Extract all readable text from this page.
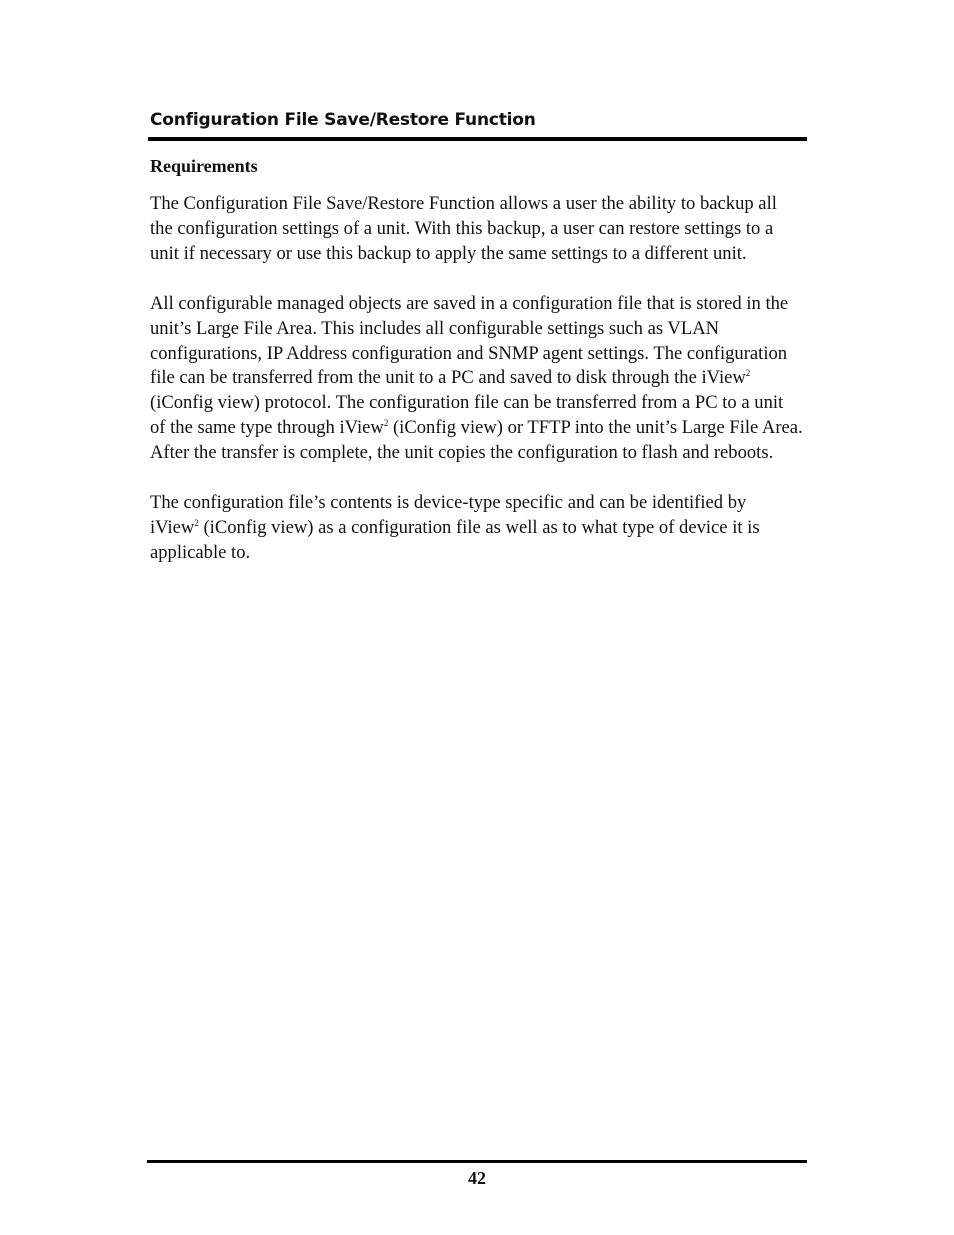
Configuration File Save/Restore Function
Requirements

The Configuration File Save/Restore Function allows a user the ability to backup all
the configuration settings of a unit. With this backup, a user can restore settings to a
unit if necessary or use this backup to apply the same settings to a different unit.

All configurable managed objects are saved in a configuration file that is stored in the
unit’s Large File Area. This includes all configurable settings such as VLAN
configurations, IP Address configuration and SNMP agent settings. The configuration
file can be transferred from the unit to a PC and saved to disk through the iView$^2$
(iConfig view) protocol. The configuration file can be transferred from a PC to a unit
of the same type through iView$^2$ (iConfig view) or TFTP into the unit’s Large File Area.
After the transfer is complete, the unit copies the configuration to flash and reboots.

The configuration file’s contents is device-type specific and can be identified by
iView$^2$ (iConfig view) as a configuration file as well as to what type of device it is
applicable to.

42
